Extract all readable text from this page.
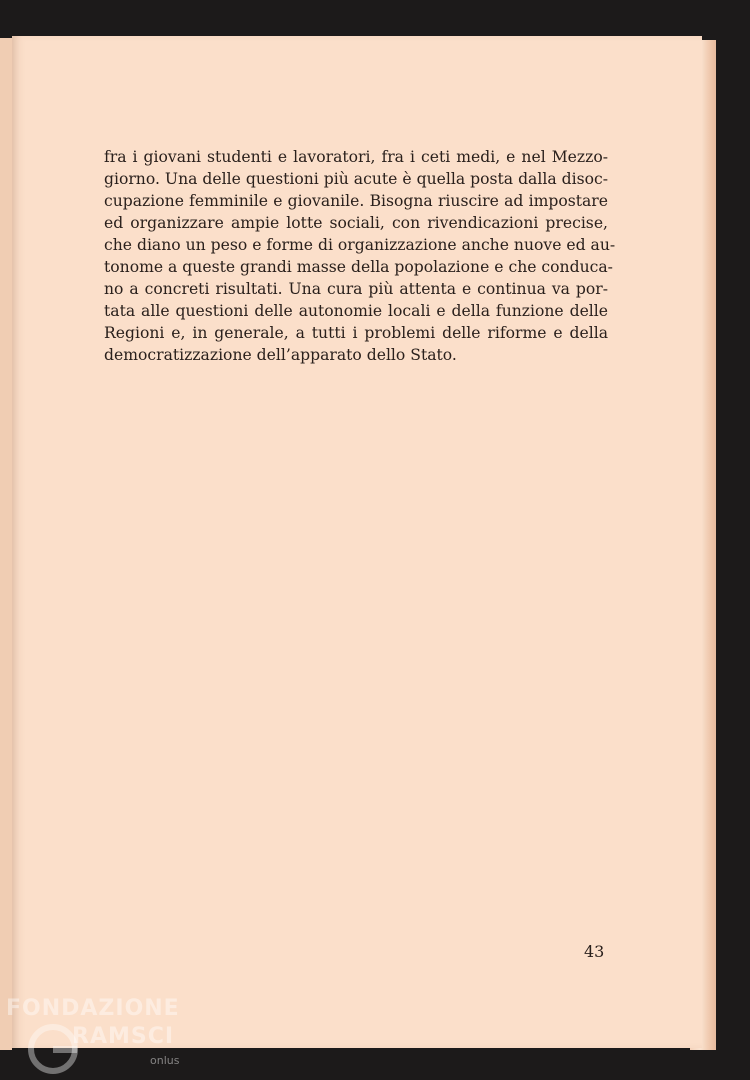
fra i giovani studenti e lavoratori, fra i ceti medi, e nel Mezzo-
giorno. Una delle questioni più acute è quella posta dalla disoc-
cupazione femminile e giovanile. Bisogna riuscire ad impostare
ed organizzare ampie lotte sociali, con rivendicazioni precise,
che diano un peso e forme di organizzazione anche nuove ed au-
tonome a queste grandi masse della popolazione e che conduca-
no a concreti risultati. Una cura più attenta e continua va por-
tata alle questioni delle autonomie locali e della funzione delle
Regioni e, in generale, a tutti i problemi delle riforme e della
democratizzazione dell’apparato dello Stato.

43
FONDAZIONE
RAMSCI
onlus
